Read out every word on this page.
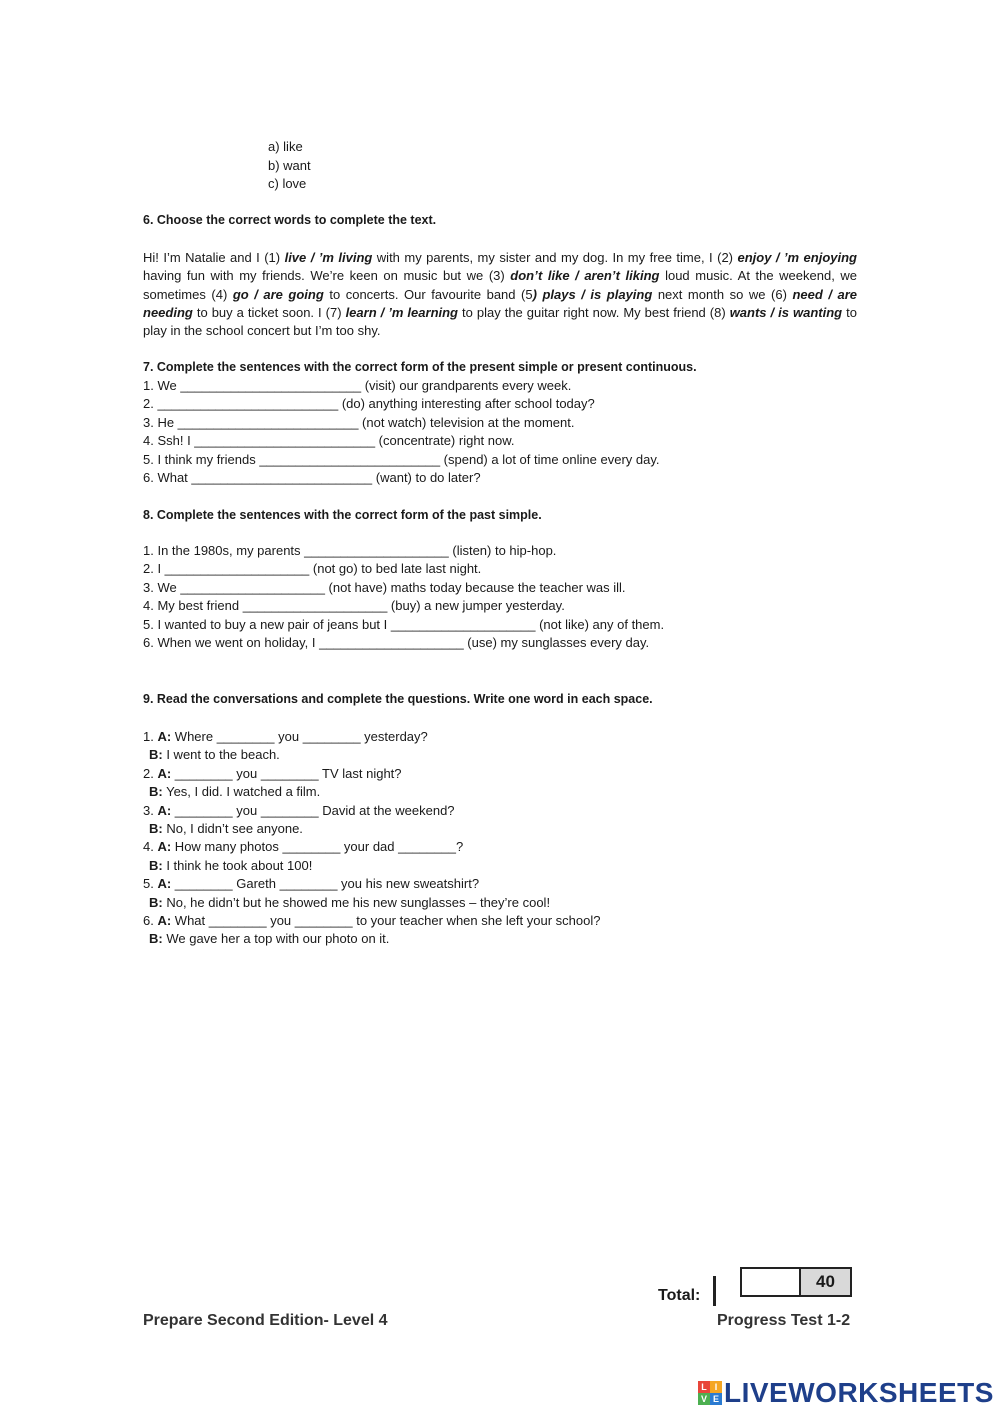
a) like
b) want
c) love
6. Choose the correct words to complete the text.
Hi! I’m Natalie and I (1) live / ’m living with my parents, my sister and my dog. In my free time, I (2) enjoy / ’m enjoying having fun with my friends. We’re keen on music but we (3) don’t like / aren’t liking loud music. At the weekend, we sometimes (4) go / are going to concerts. Our favourite band (5) plays / is playing next month so we (6) need / are needing to buy a ticket soon. I (7) learn / ’m learning to play the guitar right now. My best friend (8) wants / is wanting to play in the school concert but I’m too shy.
7. Complete the sentences with the correct form of the present simple or present continuous.
1. We _________________________ (visit) our grandparents every week.
2. _________________________ (do) anything interesting after school today?
3. He _________________________ (not watch) television at the moment.
4. Ssh! I _________________________ (concentrate) right now.
5. I think my friends _________________________ (spend) a lot of time online every day.
6. What _________________________ (want) to do later?
8. Complete the sentences with the correct form of the past simple.
1. In the 1980s, my parents ____________________ (listen) to hip-hop.
2. I ____________________ (not go) to bed late last night.
3. We ____________________ (not have) maths today because the teacher was ill.
4. My best friend ____________________ (buy) a new jumper yesterday.
5. I wanted to buy a new pair of jeans but I ____________________ (not like) any of them.
6. When we went on holiday, I ____________________ (use) my sunglasses every day.
9. Read the conversations and complete the questions. Write one word in each space.
1. A: Where ________ you ________ yesterday?
B: I went to the beach.
2. A: ________ you ________ TV last night?
B: Yes, I did. I watched a film.
3. A: ________ you ________ David at the weekend?
B: No, I didn’t see anyone.
4. A: How many photos ________ your dad ________?
B: I think he took about 100!
5. A: ________ Gareth ________ you his new sweatshirt?
B: No, he didn’t but he showed me his new sunglasses – they’re cool!
6. A: What ________ you ________ to your teacher when she left your school?
B: We gave her a top with our photo on it.
Total:
40
Prepare Second Edition- Level 4	Progress Test 1-2
L I
V E LIVEWORKSHEETS
